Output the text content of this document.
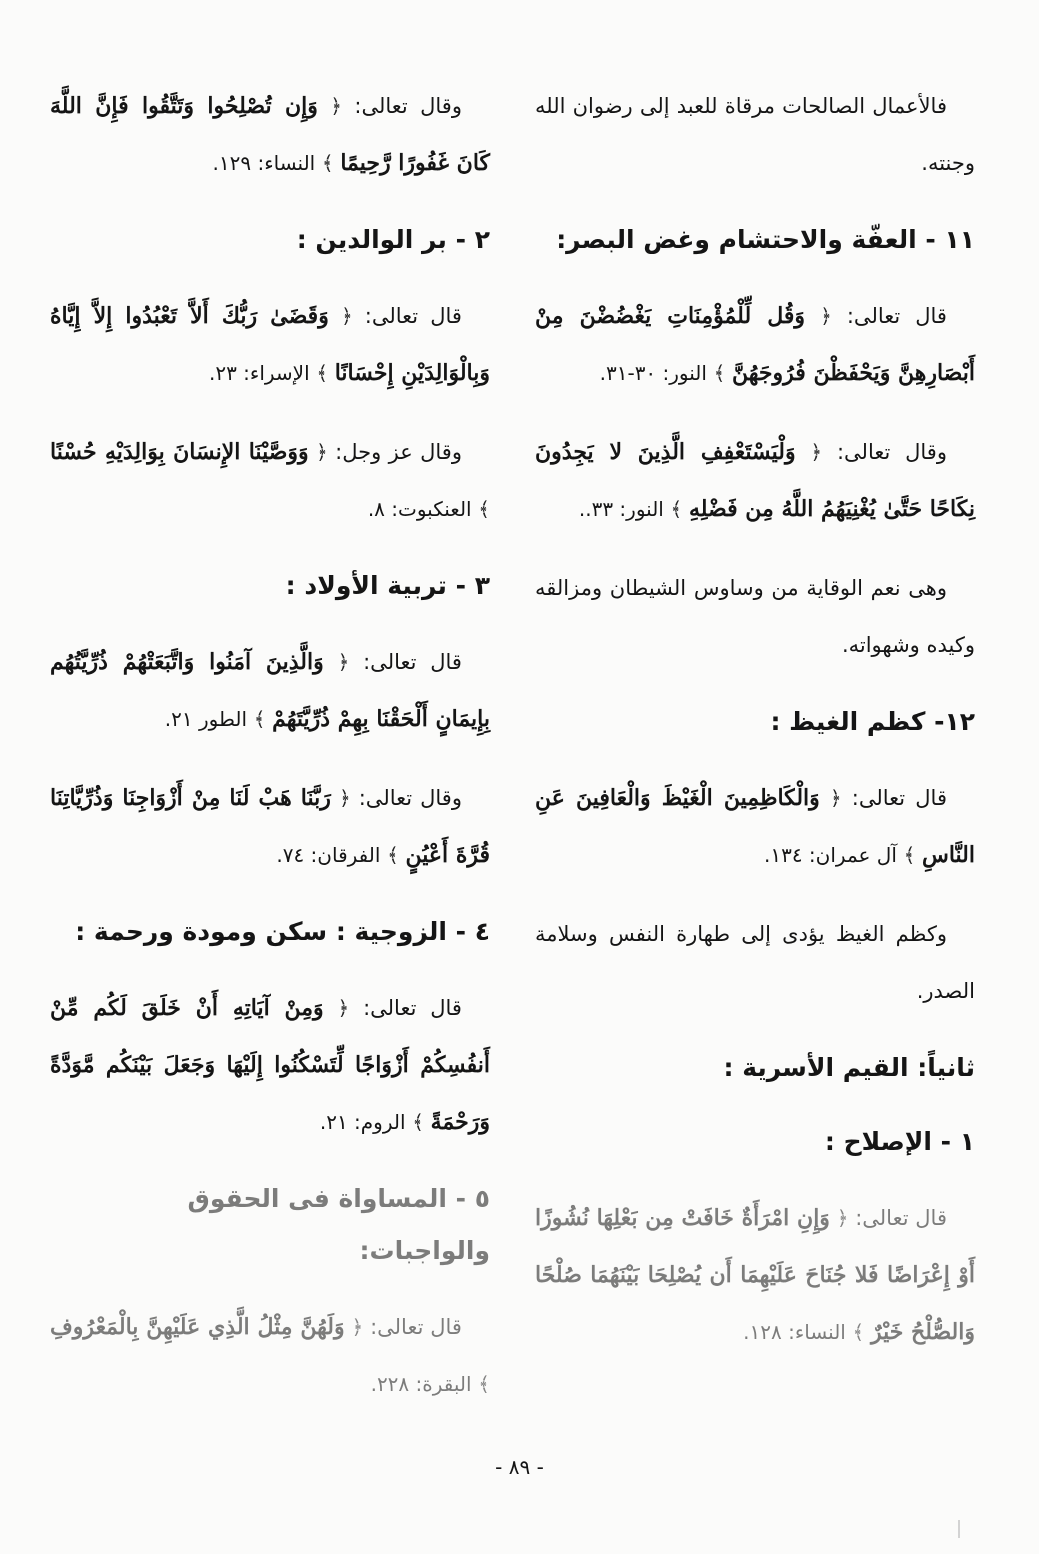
فالأعمال الصالحات مرقاة للعبد إلى رضوان الله وجنته.

١١ - العفّة والاحتشام وغض البصر:

قال تعالى: ﴿ وَقُل لِّلْمُؤْمِنَاتِ يَغْضُضْنَ مِنْ أَبْصَارِهِنَّ وَيَحْفَظْنَ فُرُوجَهُنَّ ﴾ النور: ٣٠-٣١.

وقال تعالى: ﴿ وَلْيَسْتَعْفِفِ الَّذِينَ لا يَجِدُونَ نِكَاحًا حَتَّىٰ يُغْنِيَهُمُ اللَّهُ مِن فَضْلِهِ ﴾ النور: ٣٣..

وهى نعم الوقاية من وساوس الشيطان ومزالقه وكيده وشهواته.

١٢- كظم الغيظ :

قال تعالى: ﴿ وَالْكَاظِمِينَ الْغَيْظَ وَالْعَافِينَ عَنِ النَّاسِ ﴾ آل عمران: ١٣٤.

وكظم الغيظ يؤدى إلى طهارة النفس وسلامة الصدر.

ثانياً: القيم الأسرية :
١ - الإصلاح :

قال تعالى: ﴿ وَإِنِ امْرَأَةٌ خَافَتْ مِن بَعْلِهَا نُشُوزًا أَوْ إِعْرَاضًا فَلا جُنَاحَ عَلَيْهِمَا أَن يُصْلِحَا بَيْنَهُمَا صُلْحًا وَالصُّلْحُ خَيْرٌ ﴾ النساء: ١٢٨.

وقال تعالى: ﴿ وَإِن تُصْلِحُوا وَتَتَّقُوا فَإِنَّ اللَّهَ كَانَ غَفُورًا رَّحِيمًا ﴾ النساء: ١٢٩.

٢ - بر الوالدين :

قال تعالى: ﴿ وَقَضَىٰ رَبُّكَ أَلاَّ تَعْبُدُوا إِلاَّ إِيَّاهُ وَبِالْوَالِدَيْنِ إِحْسَانًا ﴾ الإسراء: ٢٣.

وقال عز وجل: ﴿ وَوَصَّيْنَا الإِنسَانَ بِوَالِدَيْهِ حُسْنًا ﴾ العنكبوت: ٨.

٣ - تربية الأولاد :

قال تعالى: ﴿ وَالَّذِينَ آمَنُوا وَاتَّبَعَتْهُمْ ذُرِّيَّتُهُم بِإِيمَانٍ أَلْحَقْنَا بِهِمْ ذُرِّيَّتَهُمْ ﴾ الطور ٢١.

وقال تعالى: ﴿ رَبَّنَا هَبْ لَنَا مِنْ أَزْوَاجِنَا وَذُرِّيَّاتِنَا قُرَّةَ أَعْيُنٍ ﴾ الفرقان: ٧٤.

٤ - الزوجية : سكن ومودة ورحمة :

قال تعالى: ﴿ وَمِنْ آيَاتِهِ أَنْ خَلَقَ لَكُم مِّنْ أَنفُسِكُمْ أَزْوَاجًا لِّتَسْكُنُوا إِلَيْهَا وَجَعَلَ بَيْنَكُم مَّوَدَّةً وَرَحْمَةً ﴾ الروم: ٢١.

٥ - المساواة فى الحقوق والواجبات:

قال تعالى: ﴿ وَلَهُنَّ مِثْلُ الَّذِي عَلَيْهِنَّ بِالْمَعْرُوفِ ﴾ البقرة: ٢٢٨.

- ٨٩ -
